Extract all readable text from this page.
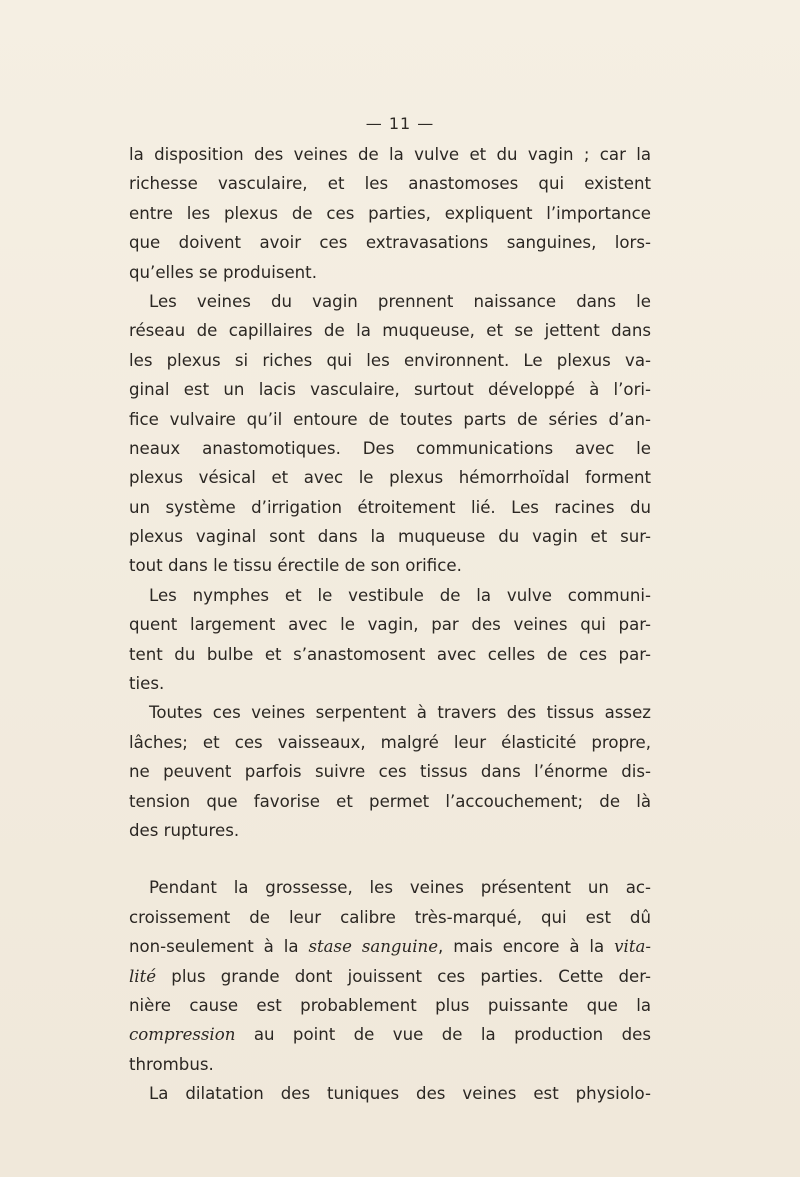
— 11 —
la disposition des veines de la vulve et du vagin ; car la
richesse vasculaire, et les anastomoses qui existent
entre les plexus de ces parties, expliquent l’importance
que doivent avoir ces extravasations sanguines, lors-
qu’elles se produisent.
Les veines du vagin prennent naissance dans le
réseau de capillaires de la muqueuse, et se jettent dans
les plexus si riches qui les environnent. Le plexus va-
ginal est un lacis vasculaire, surtout développé à l’ori-
fice vulvaire qu’il entoure de toutes parts de séries d’an-
neaux anastomotiques. Des communications avec le
plexus vésical et avec le plexus hémorrhoïdal forment
un système d’irrigation étroitement lié. Les racines du
plexus vaginal sont dans la muqueuse du vagin et sur-
tout dans le tissu érectile de son orifice.
Les nymphes et le vestibule de la vulve communi-
quent largement avec le vagin, par des veines qui par-
tent du bulbe et s’anastomosent avec celles de ces par-
ties.
Toutes ces veines serpentent à travers des tissus assez
lâches; et ces vaisseaux, malgré leur élasticité propre,
ne peuvent parfois suivre ces tissus dans l’énorme dis-
tension que favorise et permet l’accouchement; de là
des ruptures.
Pendant la grossesse, les veines présentent un ac-
croissement de leur calibre très-marqué, qui est dû
non-seulement à la stase sanguine, mais encore à la vita-
lité plus grande dont jouissent ces parties. Cette der-
nière cause est probablement plus puissante que la
compression au point de vue de la production des
thrombus.
La dilatation des tuniques des veines est physiolo-
